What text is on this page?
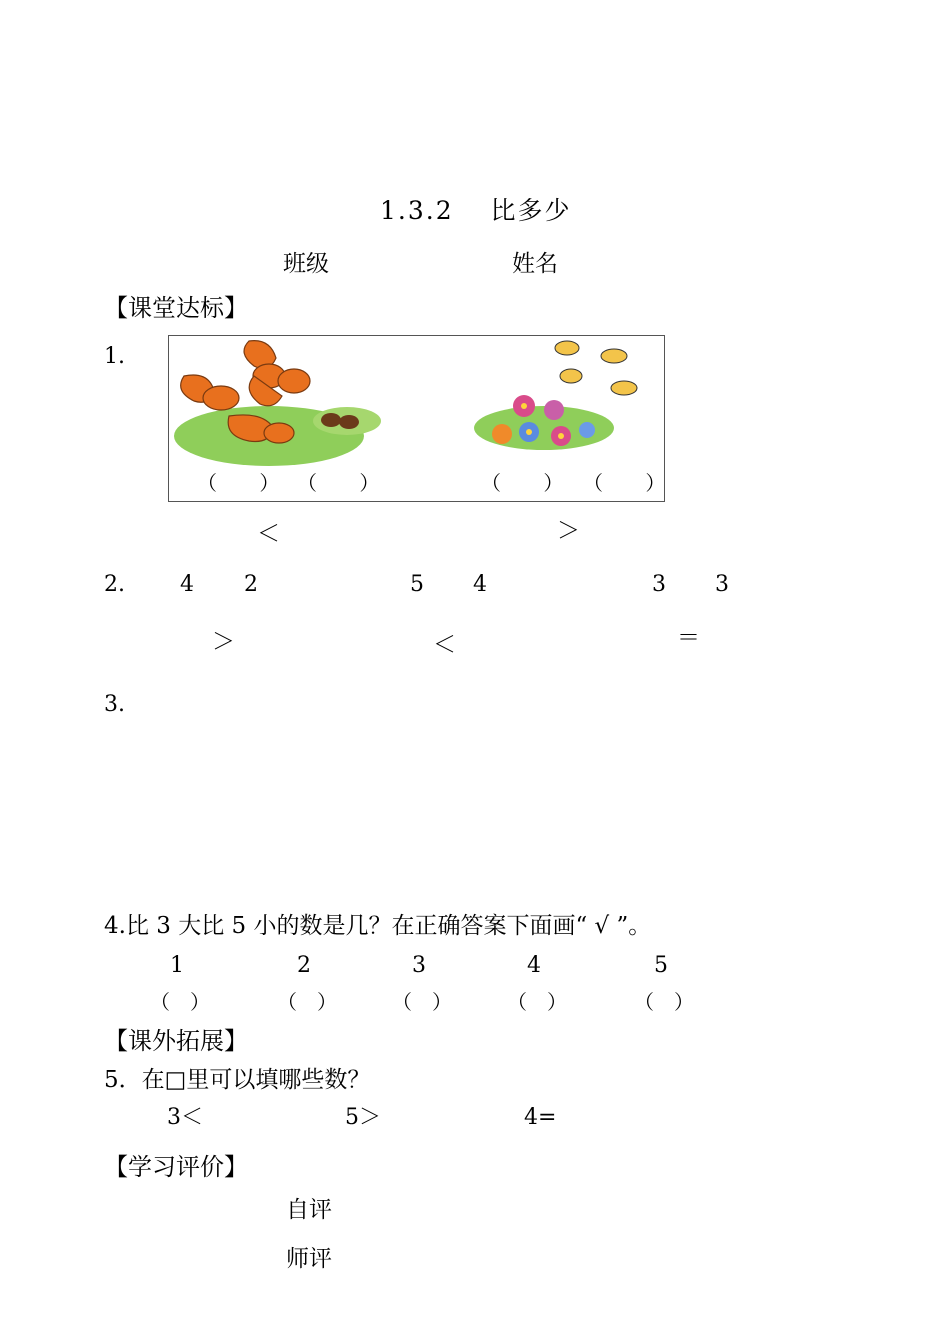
1.3.2　 比多少
班级	姓名
【课堂达标】
1.
（ ） （ ）	（ ） （ ）
＜	＞
2.	4 2	5 4	3 3
＞	＜	＝
3.
4.比 3 大比 5 小的数是几？在正确答案下面画“ √ ”。
1	2	3	4	5
（　）	（　）	（　）	（　）	（　）
【课外拓展】
5．在□里可以填哪些数？
3＜	5＞	4=
【学习评价】
自评
师评
